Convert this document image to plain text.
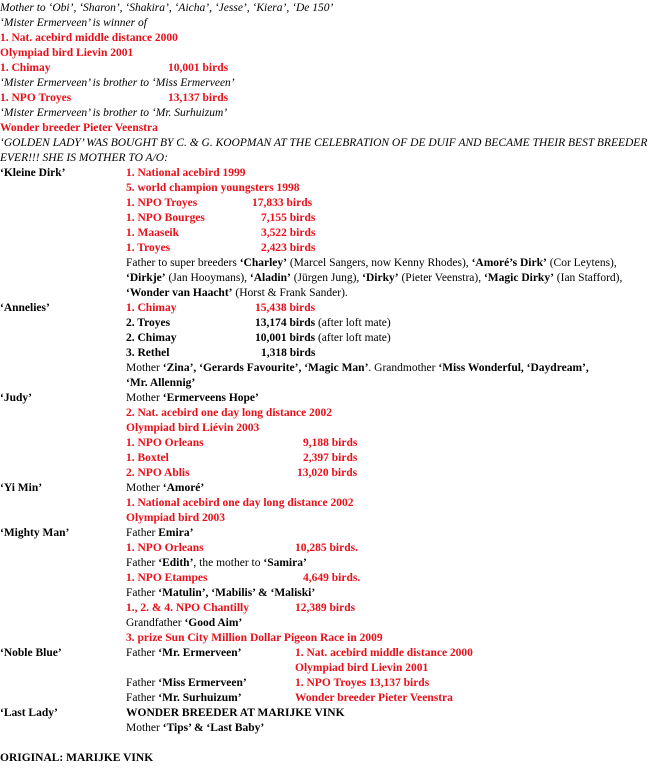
Mother to ‘Obi’, ‘Sharon’, ‘Shakira’, ‘Aicha’, ‘Jesse’, ‘Kiera’, ‘De 150’
‘Mister Ermerveen’ is winner of
1. Nat. acebird middle distance 2000
Olympiad bird Lievin 2001
1. Chimay	10,001 birds
‘Mister Ermerveen’ is brother to ‘Miss Ermerveen’
1. NPO Troyes	13,137 birds
‘Mister Ermerveen’ is brother to ‘Mr. Surhuizum’
Wonder breeder Pieter Veenstra
‘GOLDEN LADY’ WAS BOUGHT BY C. & G. KOOPMAN AT THE CELEBRATION OF DE DUIF AND BECAME THEIR BEST BREEDER EVER!!! SHE IS MOTHER TO A/O:
‘Kleine Dirk’	1. National acebird 1999
5. world champion youngsters 1998
1. NPO Troyes	17,833 birds
1. NPO Bourges	7,155 birds
1. Maaseik	3,522 birds
1. Troyes	2,423 birds
Father to super breeders ‘Charley’ (Marcel Sangers, now Kenny Rhodes), ‘Amoré’s Dirk’ (Cor Leytens), ‘Dirkje’ (Jan Hooymans), ‘Aladin’ (Jürgen Jung), ‘Dirky’ (Pieter Veenstra), ‘Magic Dirky’ (Ian Stafford), ‘Wonder van Haacht’ (Horst & Frank Sander).
‘Annelies’	1. Chimay	15,438 birds
2. Troyes	13,174 birds (after loft mate)
2. Chimay	10,001 birds (after loft mate)
3. Rethel	1,318 birds
Mother ‘Zina’, ‘Gerards Favourite’, ‘Magic Man’. Grandmother ‘Miss Wonderful, ‘Daydream’, ‘Mr. Allennig’
‘Judy’	Mother ‘Ermerveens Hope’
2. Nat. acebird one day long distance 2002
Olympiad bird Liévin 2003
1. NPO Orleans	9,188 birds
1. Boxtel	2,397 birds
2. NPO Ablis	13,020 birds
‘Yi Min’	Mother ‘Amoré’
1. National acebird one day long distance 2002
Olympiad bird 2003
‘Mighty Man’	Father Emira’
1. NPO Orleans	10,285 birds.
Father ‘Edith’, the mother to ‘Samira’
1. NPO Etampes	4,649 birds.
Father ‘Matulin’, ‘Mabilis’ & ‘Maliski’
1., 2. & 4. NPO Chantilly	12,389 birds
Grandfather ‘Good Aim’
3. prize Sun City Million Dollar Pigeon Race in 2009
‘Noble Blue’	Father ‘Mr. Ermerveen’	1. Nat. acebird middle distance 2000
Olympiad bird Lievin 2001
Father ‘Miss Ermerveen’	1. NPO Troyes 13,137 birds
Father ‘Mr. Surhuizum’	Wonder breeder Pieter Veenstra
‘Last Lady’	WONDER BREEDER AT MARIJKE VINK
Mother ‘Tips’ & ‘Last Baby’
ORIGINAL: MARIJKE VINK
